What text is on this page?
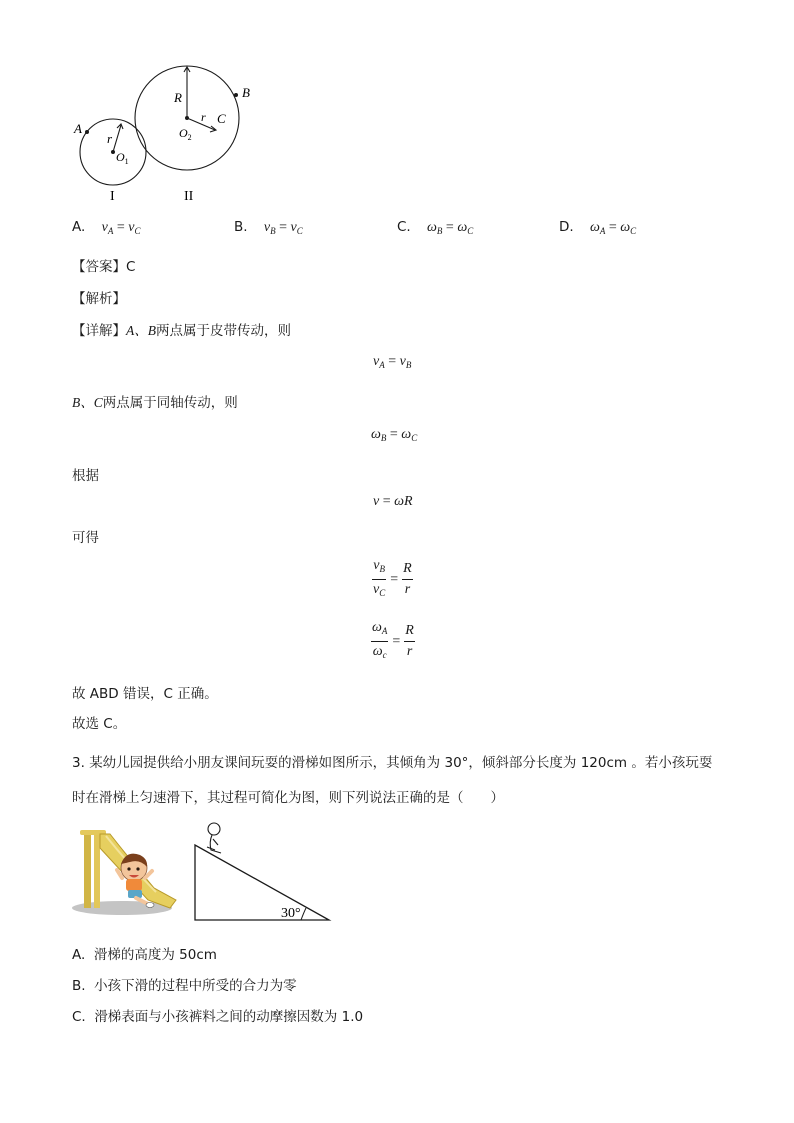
A
r
$O_1$
R
r C
B
$O_2$
I	II
A. $v_A = v_C$	B. $v_B = v_C$	C. $\omega_B = \omega_C$	D. $\omega_A = \omega_C$
【答案】C
【解析】
【详解】A、B两点属于皮带传动，则
$v_A = v_B$
B、C两点属于同轴传动，则
$\omega_B = \omega_C$
根据
v = ωR
可得
$\frac{v_B}{v_C} = \frac{R}{r}$
$\frac{\omega_A}{\omega_c} = \frac{R}{r}$
故 ABD 错误，C 正确。
故选 C。
3. 某幼儿园提供给小朋友课间玩耍的滑梯如图所示，其倾角为 30°，倾斜部分长度为 120cm 。若小孩玩耍
时在滑梯上匀速滑下，其过程可简化为图，则下列说法正确的是（　　）
30°
A. 滑梯的高度为 50cm
B. 小孩下滑的过程中所受的合力为零
C. 滑梯表面与小孩裤料之间的动摩擦因数为 1.0
